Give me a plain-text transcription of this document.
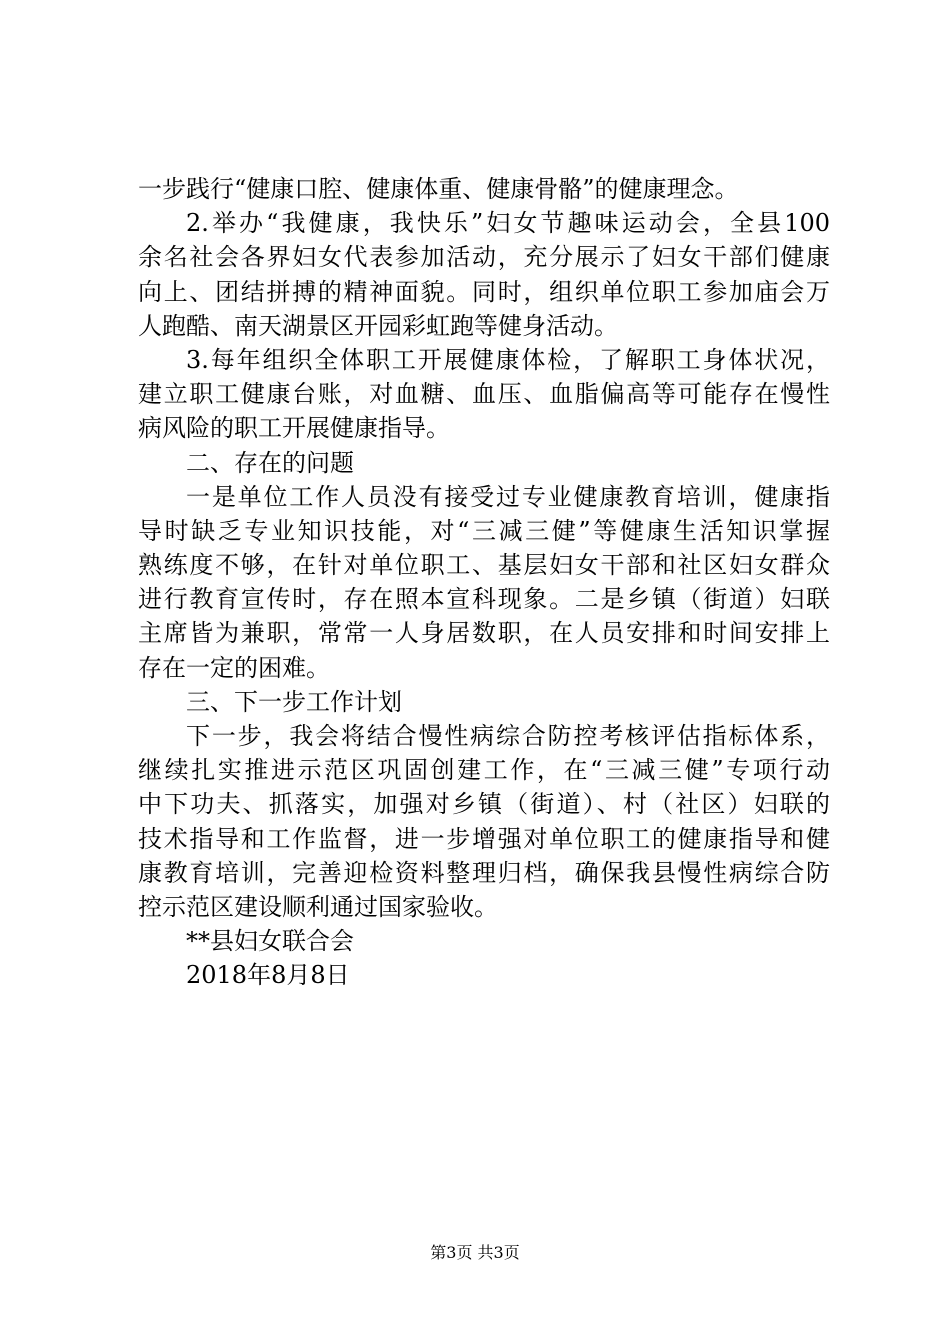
一步践行“健康口腔、健康体重、健康骨骼”的健康理念。
2.举办“我健康，我快乐”妇女节趣味运动会，全县100
余名社会各界妇女代表参加活动，充分展示了妇女干部们健康
向上、团结拼搏的精神面貌。同时，组织单位职工参加庙会万
人跑酷、南天湖景区开园彩虹跑等健身活动。
3.每年组织全体职工开展健康体检，了解职工身体状况，
建立职工健康台账，对血糖、血压、血脂偏高等可能存在慢性
病风险的职工开展健康指导。
二、存在的问题
一是单位工作人员没有接受过专业健康教育培训，健康指
导时缺乏专业知识技能，对“三减三健”等健康生活知识掌握
熟练度不够，在针对单位职工、基层妇女干部和社区妇女群众
进行教育宣传时，存在照本宣科现象。二是乡镇（街道）妇联
主席皆为兼职，常常一人身居数职，在人员安排和时间安排上
存在一定的困难。
三、下一步工作计划
下一步，我会将结合慢性病综合防控考核评估指标体系，
继续扎实推进示范区巩固创建工作，在“三减三健”专项行动
中下功夫、抓落实，加强对乡镇（街道）、村（社区）妇联的
技术指导和工作监督，进一步增强对单位职工的健康指导和健
康教育培训，完善迎检资料整理归档，确保我县慢性病综合防
控示范区建设顺利通过国家验收。
**县妇女联合会
2018年8月8日
第3页 共3页
